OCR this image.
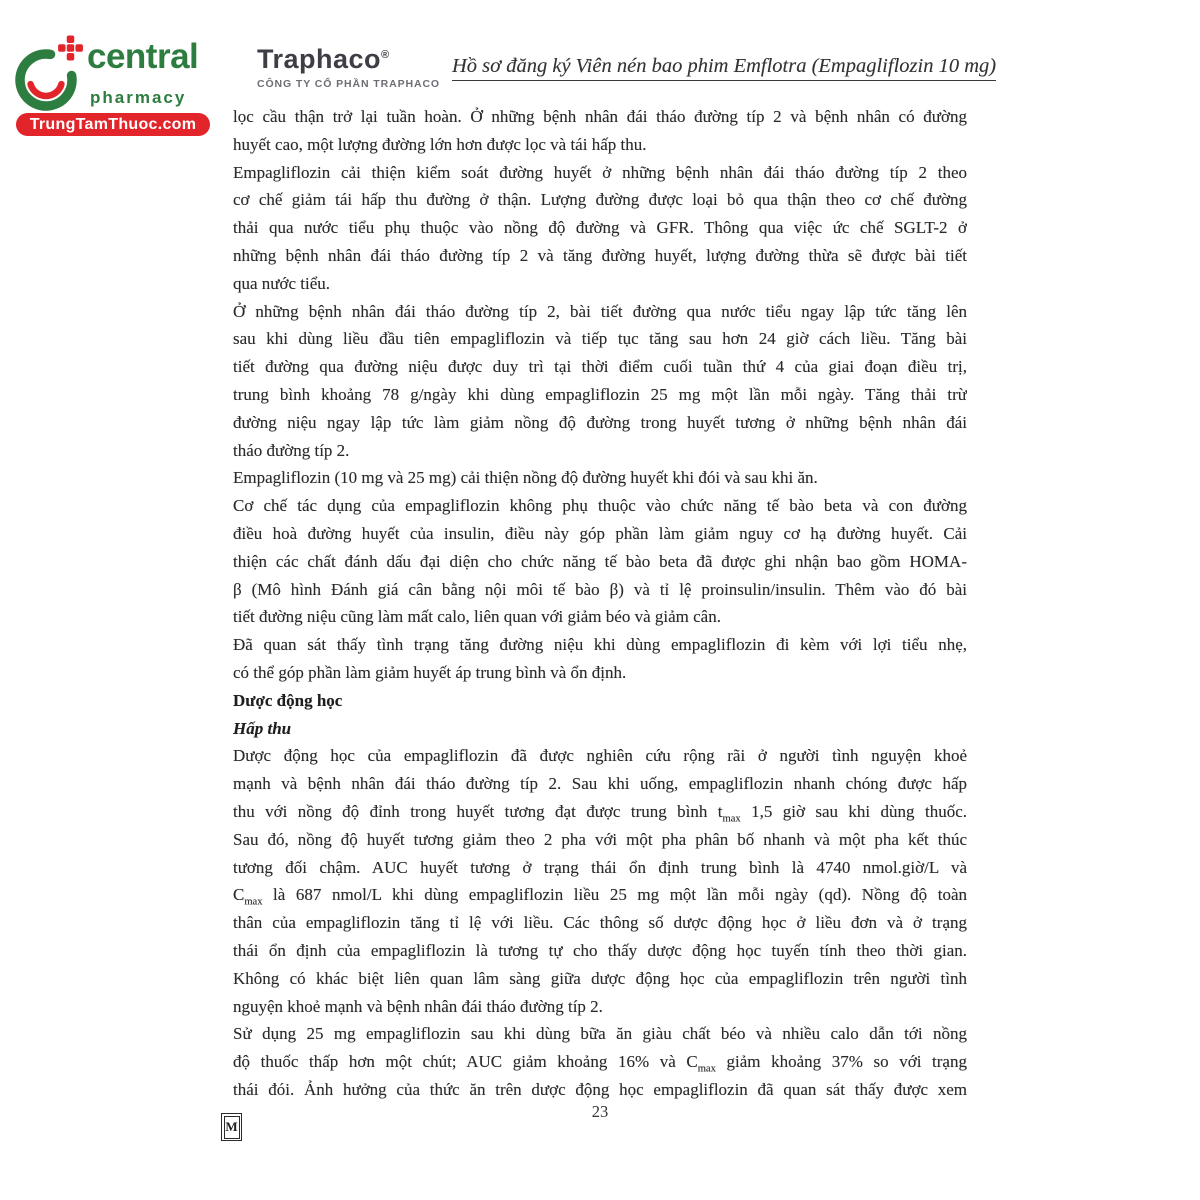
central
pharmacy
TrungTamThuoc.com
Traphaco®
CÔNG TY CỔ PHẦN TRAPHACO
Hồ sơ đăng ký Viên nén bao phim Emflotra (Empagliflozin 10 mg)
lọc cầu thận trở lại tuần hoàn. Ở những bệnh nhân đái tháo đường típ 2 và bệnh nhân có đường
huyết cao, một lượng đường lớn hơn được lọc và tái hấp thu.
Empagliflozin cải thiện kiểm soát đường huyết ở những bệnh nhân đái tháo đường típ 2 theo
cơ chế giảm tái hấp thu đường ở thận. Lượng đường được loại bỏ qua thận theo cơ chế đường
thải qua nước tiểu phụ thuộc vào nồng độ đường và GFR. Thông qua việc ức chế SGLT-2 ở
những bệnh nhân đái tháo đường típ 2 và tăng đường huyết, lượng đường thừa sẽ được bài tiết
qua nước tiểu.
Ở những bệnh nhân đái tháo đường típ 2, bài tiết đường qua nước tiểu ngay lập tức tăng lên
sau khi dùng liều đầu tiên empagliflozin và tiếp tục tăng sau hơn 24 giờ cách liều. Tăng bài
tiết đường qua đường niệu được duy trì tại thời điểm cuối tuần thứ 4 của giai đoạn điều trị,
trung bình khoảng 78 g/ngày khi dùng empagliflozin 25 mg một lần mỗi ngày. Tăng thải trừ
đường niệu ngay lập tức làm giảm nồng độ đường trong huyết tương ở những bệnh nhân đái
tháo đường típ 2.
Empagliflozin (10 mg và 25 mg) cải thiện nồng độ đường huyết khi đói và sau khi ăn.
Cơ chế tác dụng của empagliflozin không phụ thuộc vào chức năng tế bào beta và con đường
điều hoà đường huyết của insulin, điều này góp phần làm giảm nguy cơ hạ đường huyết. Cải
thiện các chất đánh dấu đại diện cho chức năng tế bào beta đã được ghi nhận bao gồm HOMA-
β (Mô hình Đánh giá cân bằng nội môi tế bào β) và tỉ lệ proinsulin/insulin. Thêm vào đó bài
tiết đường niệu cũng làm mất calo, liên quan với giảm béo và giảm cân.
Đã quan sát thấy tình trạng tăng đường niệu khi dùng empagliflozin đi kèm với lợi tiểu nhẹ,
có thể góp phần làm giảm huyết áp trung bình và ổn định.
Dược động học
Hấp thu
Dược động học của empagliflozin đã được nghiên cứu rộng rãi ở người tình nguyện khoẻ
mạnh và bệnh nhân đái tháo đường típ 2. Sau khi uống, empagliflozin nhanh chóng được hấp
thu với nồng độ đỉnh trong huyết tương đạt được trung bình $t_{max}$ 1,5 giờ sau khi dùng thuốc.
Sau đó, nồng độ huyết tương giảm theo 2 pha với một pha phân bố nhanh và một pha kết thúc
tương đối chậm. AUC huyết tương ở trạng thái ổn định trung bình là 4740 nmol.giờ/L và
$C_{max}$ là 687 nmol/L khi dùng empagliflozin liều 25 mg một lần mỗi ngày (qd). Nồng độ toàn
thân của empagliflozin tăng tỉ lệ với liều. Các thông số dược động học ở liều đơn và ở trạng
thái ổn định của empagliflozin là tương tự cho thấy dược động học tuyến tính theo thời gian.
Không có khác biệt liên quan lâm sàng giữa dược động học của empagliflozin trên người tình
nguyện khoẻ mạnh và bệnh nhân đái tháo đường típ 2.
Sử dụng 25 mg empagliflozin sau khi dùng bữa ăn giàu chất béo và nhiều calo dẫn tới nồng
độ thuốc thấp hơn một chút; AUC giảm khoảng 16% và $C_{max}$ giảm khoảng 37% so với trạng
thái đói. Ảnh hưởng của thức ăn trên dược động học empagliflozin đã quan sát thấy được xem
23
M
